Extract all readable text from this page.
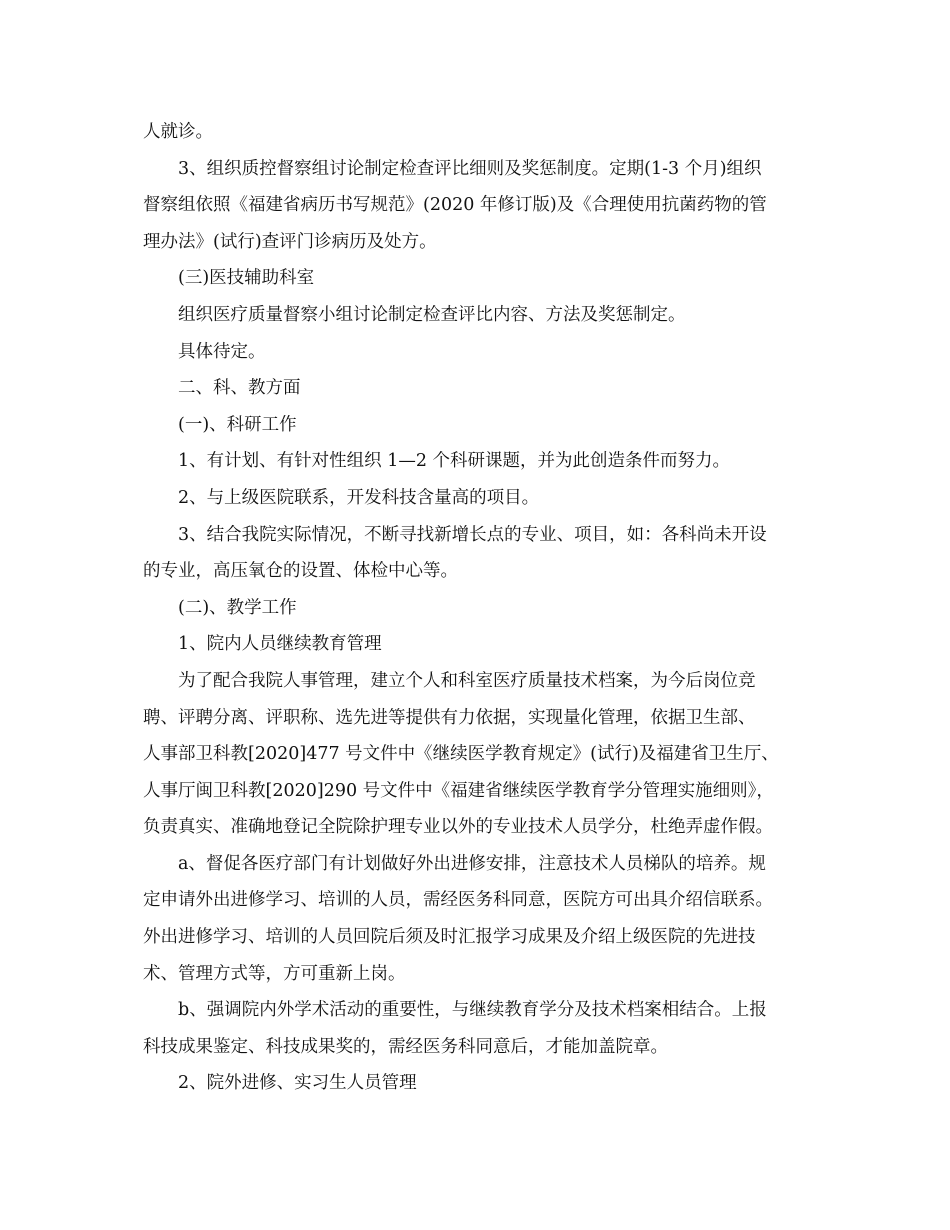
人就诊。
3、组织质控督察组讨论制定检查评比细则及奖惩制度。定期(1-3 个月)组织
督察组依照《福建省病历书写规范》(2020 年修订版)及《合理使用抗菌药物的管
理办法》(试行)查评门诊病历及处方。
(三)医技辅助科室
组织医疗质量督察小组讨论制定检查评比内容、方法及奖惩制定。
具体待定。
二、科、教方面
(一)、科研工作
1、有计划、有针对性组织 1—2 个科研课题，并为此创造条件而努力。
2、与上级医院联系，开发科技含量高的项目。
3、结合我院实际情况，不断寻找新增长点的专业、项目，如：各科尚未开设
的专业，高压氧仓的设置、体检中心等。
(二)、教学工作
1、院内人员继续教育管理
为了配合我院人事管理，建立个人和科室医疗质量技术档案，为今后岗位竞
聘、评聘分离、评职称、选先进等提供有力依据，实现量化管理，依据卫生部、
人事部卫科教[2020]477 号文件中《继续医学教育规定》(试行)及福建省卫生厅、
人事厅闽卫科教[2020]290 号文件中《福建省继续医学教育学分管理实施细则》，
负责真实、准确地登记全院除护理专业以外的专业技术人员学分，杜绝弄虚作假。
a、督促各医疗部门有计划做好外出进修安排，注意技术人员梯队的培养。规
定申请外出进修学习、培训的人员，需经医务科同意，医院方可出具介绍信联系。
外出进修学习、培训的人员回院后须及时汇报学习成果及介绍上级医院的先进技
术、管理方式等，方可重新上岗。
b、强调院内外学术活动的重要性，与继续教育学分及技术档案相结合。上报
科技成果鉴定、科技成果奖的，需经医务科同意后，才能加盖院章。
2、院外进修、实习生人员管理
